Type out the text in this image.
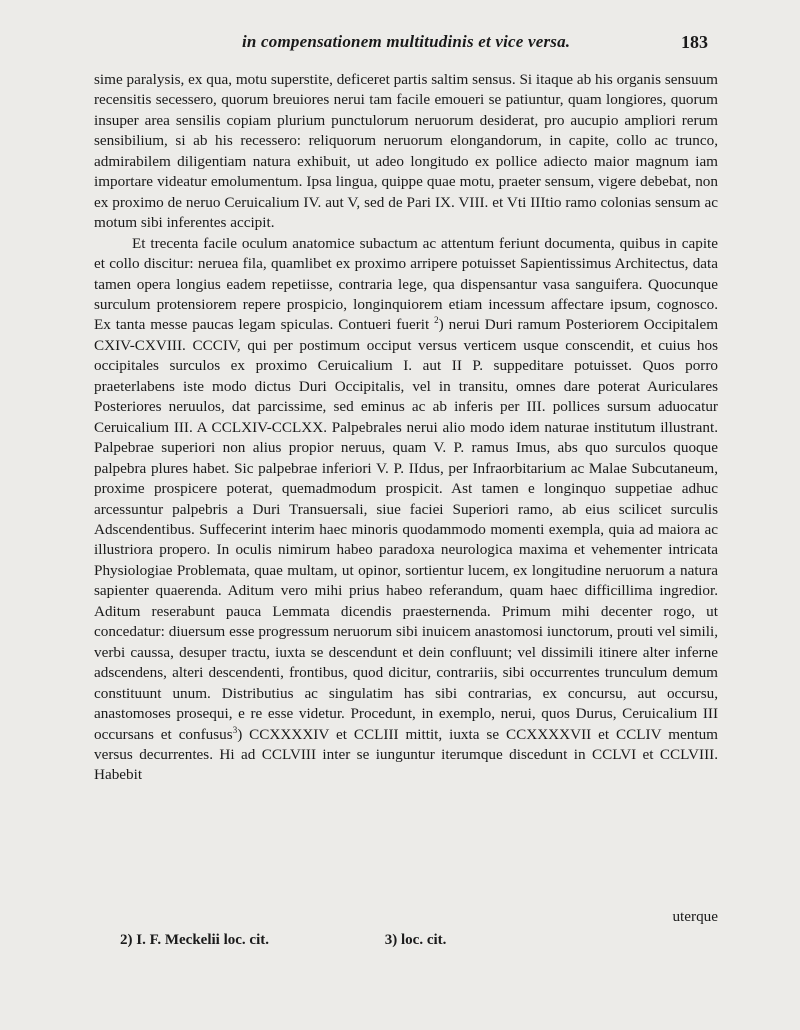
in compensationem multitudinis et vice versa.	183

sime paralysis, ex qua, motu superstite, deficeret partis saltim sensus. Si itaque ab his organis sensuum recensitis secessero, quorum breuiores nerui tam facile emoueri se patiuntur, quam longiores, quorum insuper area sensilis copiam plurium punctulorum neruorum desiderat, pro aucupio ampliori rerum sensibilium, si ab his recessero: reliquorum neruorum elongandorum, in capite, collo ac trunco, admirabilem diligentiam natura exhibuit, ut adeo longitudo ex pollice adiecto maior magnum iam importare videatur emolumentum. Ipsa lingua, quippe quae motu, praeter sensum, vigere debebat, non ex proximo de neruo Ceruicalium IV. aut V, sed de Pari IX. VIII. et Vti IIItio ramo colonias sensum ac motum sibi inferentes accipit.

Et trecenta facile oculum anatomice subactum ac attentum feriunt documenta, quibus in capite et collo discitur: neruea fila, quamlibet ex proximo arripere potuisset Sapientissimus Architectus, data tamen opera longius eadem repetiisse, contraria lege, qua dispensantur vasa sanguifera. Quocunque surculum protensiorem repere prospicio, longinquiorem etiam incessum affectare ipsum, cognosco. Ex tanta messe paucas legam spiculas. Contueri fuerit $^2$) nerui Duri ramum Posteriorem Occipitalem CXIV-CXVIII. CCCIV, qui per postimum occiput versus verticem usque conscendit, et cuius hos occipitales surculos ex proximo Ceruicalium I. aut II P. suppeditare potuisset. Quos porro praeterlabens iste modo dictus Duri Occipitalis, vel in transitu, omnes dare poterat Auriculares Posteriores neruulos, dat parcissime, sed eminus ac ab inferis per III. pollices sursum aduocatur Ceruicalium III. A CCLXIV-CCLXX. Palpebrales nerui alio modo idem naturae institutum illustrant. Palpebrae superiori non alius propior neruus, quam V. P. ramus Imus, abs quo surculos quoque palpebra plures habet. Sic palpebrae inferiori V. P. IIdus, per Infraorbitarium ac Malae Subcutaneum, proxime prospicere poterat, quemadmodum prospicit. Ast tamen e longinquo suppetiae adhuc arcessuntur palpebris a Duri Transuersali, siue faciei Superiori ramo, ab eius scilicet surculis Adscendentibus. Suffecerint interim haec minoris quodammodo momenti exempla, quia ad maiora ac illustriora propero. In oculis nimirum habeo paradoxa neurologica maxima et vehementer intricata Physiologiae Problemata, quae multam, ut opinor, sortientur lucem, ex longitudine neruorum a natura sapienter quaerenda. Aditum vero mihi prius habeo referandum, quam haec difficillima ingredior. Aditum reserabunt pauca Lemmata dicendis praesternenda. Primum mihi decenter rogo, ut concedatur: diuersum esse progressum neruorum sibi inuicem anastomosi iunctorum, prouti vel simili, verbi caussa, desuper tractu, iuxta se descendunt et dein confluunt; vel dissimili itinere alter inferne adscendens, alteri descendenti, frontibus, quod dicitur, contrariis, sibi occurrentes trunculum demum constituunt unum. Distributius ac singulatim has sibi contrarias, ex concursu, aut occursu, anastomoses prosequi, e re esse videtur. Procedunt, in exemplo, nerui, quos Durus, Ceruicalium III occursans et confusus$^3$) CCXXXXIV et CCLIII mittit, iuxta se CCXXXXVII et CCLIV mentum versus decurrentes. Hi ad CCLVIII inter se iunguntur iterumque discedunt in CCLVI et CCLVIII. Habebit

uterque
2) I. F. Meckelii loc. cit.	3) loc. cit.
